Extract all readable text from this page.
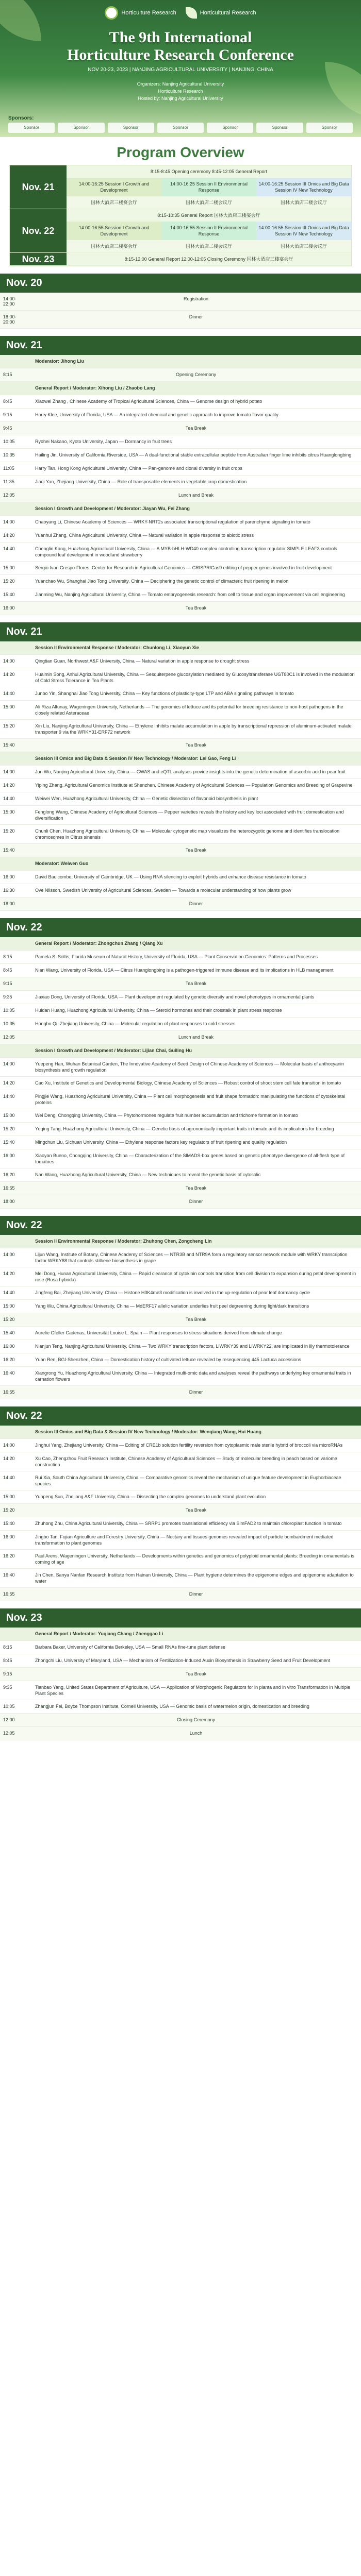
Horticulture Research	Horticultural Research
The 9th International
Horticulture Research Conference
NOV 20-23, 2023 | NANJING AGRICULTURAL UNIVERSITY | NANJING, CHINA
Organizers: Nanjing Agricultural University
Horticulture Research
Hosted by: Nanjing Agricultural University
Sponsors:
Sponsor	Sponsor	Sponsor	Sponsor	Sponsor	Sponsor	Sponsor
Program Overview
Nov. 21
8:15-8:45 Opening ceremony 8:45-12:05 General Report
14:00-16:25 Session I Growth and Development
14:00-16:25 Session II Environmental Response
14:00-16:25 Session III Omics and Big Data Session IV New Technology
国林大酒店三楼宴会厅	国林大酒店二楼会议厅	国林大酒店三楼会议厅
Nov. 22
8:15-10:35 General Report 国林大酒店三楼宴会厅
14:00-16:55 Session I Growth and Development
14:00-16:55 Session II Environmental Response
14:00-16:55 Session III Omics and Big Data Session IV New Technology
国林大酒店三楼宴会厅	国林大酒店二楼会议厅	国林大酒店三楼会议厅
Nov. 23	8:15-12:00 General Report 12:00-12:05 Closing Ceremony 国林大酒店三楼宴会厅
Nov. 20
14:00-22:00
Registration
18:00-20:00
Dinner
Nov. 21
Moderator: Jihong Liu
8:15	Opening Ceremony
General Report / Moderator: Xihong Liu / Zhaobo Lang
8:45	Xiaowei Zhang , Chinese Academy of Tropical Agricultural Sciences, China — Genome design of hybrid potato
9:15	Harry Klee, University of Florida, USA — An integrated chemical and genetic approach to improve tomato flavor quality
9:45	Tea Break
10:05	Ryohei Nakano, Kyoto University, Japan — Dormancy in fruit trees
10:35	Hailing Jin, University of California Riverside, USA — A dual-functional stable extracellular peptide from Australian finger lime inhibits citrus Huanglongbing
11:05	Harry Tan, Hong Kong Agricultural University, China — Pan-genome and clonal diversity in fruit crops
11:35	Jiaqi Yan, Zhejiang University, China — Role of transposable elements in vegetable crop domestication
12:05	Lunch and Break
Session I Growth and Development / Moderator: Jiayan Wu, Fei Zhang
14:00	Chaoyang Li, Chinese Academy of Sciences — WRKY-NRT2s associated transcriptional regulation of parenchyme signaling in tomato
14:20	Yuanhui Zhang, China Agricultural University, China — Natural variation in apple response to abiotic stress
14:40	Chenglin Kang, Huazhong Agricultural University, China — A MYB-bHLH-WD40 complex controlling transcription regulator SIMPLE LEAF3 controls compound leaf development in woodland strawberry
15:00	Sergio Ivan Crespo-Flores, Center for Research in Agricultural Genomics — CRISPR/Cas9 editing of pepper genes involved in fruit development
15:20	Yuanchao Wu, Shanghai Jiao Tong University, China — Deciphering the genetic control of climacteric fruit ripening in melon
15:40	Jianming Wu, Nanjing Agricultural University, China — Tomato embryogenesis research: from cell to tissue and organ improvement via cell engineering
16:00	Tea Break
Nov. 21
Session II Environmental Response / Moderator: Chunlong Li, Xiaoyun Xie
14:00	Qingtian Guan, Northwest A&F University, China — Natural variation in apple response to drought stress
14:20	Huaimin Song, Anhui Agricultural University, China — Sesquiterpene glucosylation mediated by Glucosyltransferase UGT80C1 is involved in the modulation of Cold Stress Tolerance in Tea Plants
14:40	Junbo Yin, Shanghai Jiao Tong University, China — Key functions of plasticity-type LTP and ABA signaling pathways in tomato
15:00	Ali Riza Altunay, Wageningen University, Netherlands — The genomics of lettuce and its potential for breeding resistance to non-host pathogens in the closely related Asteraceae
15:20	Xin Liu, Nanjing Agricultural University, China — Ethylene inhibits malate accumulation in apple by transcriptional repression of aluminum-activated malate transporter 9 via the WRKY31-ERF72 network
15:40	Tea Break
Session III Omics and Big Data & Session IV New Technology / Moderator: Lei Gao, Feng Li
14:00	Jun Wu, Nanjing Agricultural University, China — CWAS and eQTL analyses provide insights into the genetic determination of ascorbic acid in pear fruit
14:20	Yiping Zhang, Agricultural Genomics Institute at Shenzhen, Chinese Academy of Agricultural Sciences — Population Genomics and Breeding of Grapevine
14:40	Weiwei Wen, Huazhong Agricultural University, China — Genetic dissection of flavonoid biosynthesis in plant
15:00	Fenglong Wang, Chinese Academy of Agricultural Sciences — Pepper varieties reveals the history and key loci associated with fruit domestication and diversification
15:20	Chunli Chen, Huazhong Agricultural University, China — Molecular cytogenetic map visualizes the heterozygotic genome and identifies translocation chromosomes in Citrus sinensis
15:40	Tea Break
Moderator: Weiwen Guo
16:00	David Baulcombe, University of Cambridge, UK — Using RNA silencing to exploit hybrids and enhance disease resistance in tomato
16:30	Ove Nilsson, Swedish University of Agricultural Sciences, Sweden — Towards a molecular understanding of how plants grow
18:00	Dinner
Nov. 22
General Report / Moderator: Zhongchun Zhang / Qiang Xu
8:15	Pamela S. Soltis, Florida Museum of Natural History, University of Florida, USA — Plant Conservation Genomics: Patterns and Processes
8:45	Nian Wang, University of Florida, USA — Citrus Huanglongbing is a pathogen-triggered immune disease and its implications in HLB management
9:15	Tea Break
9:35	Jiaxiao Dong, University of Florida, USA — Plant development regulated by genetic diversity and novel phenotypes in ornamental plants
10:05	Huidan Huang, Huazhong Agricultural University, China — Steroid hormones and their crosstalk in plant stress response
10:35	Hongbo Qi, Zhejiang University, China — Molecular regulation of plant responses to cold stresses
12:05	Lunch and Break
Session I Growth and Development / Moderator: Lijian Chai, Guiling Hu
14:00	Yuepeng Han, Wuhan Botanical Garden, The Innovative Academy of Seed Design of Chinese Academy of Sciences — Molecular basis of anthocyanin biosynthesis and growth regulation
14:20	Cao Xu, Institute of Genetics and Developmental Biology, Chinese Academy of Sciences — Robust control of shoot stem cell fate transition in tomato
14:40	Pingjie Wang, Huazhong Agricultural University, China — Plant cell morphogenesis and fruit shape formation: manipulating the functions of cytoskeletal proteins
15:00	Wei Deng, Chongqing University, China — Phytohormones regulate fruit number accumulation and trichome formation in tomato
15:20	Yuqing Tang, Huazhong Agricultural University, China — Genetic basis of agronomically important traits in tomato and its implications for breeding
15:40	Mingchun Liu, Sichuan University, China — Ethylene response factors key regulators of fruit ripening and quality regulation
16:00	Xiaoyan Bueno, Chongqing University, China — Characterization of the SlMADS-box genes based on genetic phenotype divergence of all-flesh type of tomatoes
16:20	Nan Wang, Huazhong Agricultural University, China — New techniques to reveal the genetic basis of cytosolic
16:55	Tea Break
18:00	Dinner
Nov. 22
Session II Environmental Response / Moderator: Zhuhong Chen, Zongcheng Lin
14:00	Lijun Wang, Institute of Botany, Chinese Academy of Sciences — NTR3B and NTR9A form a regulatory sensor network module with WRKY transcription factor WRKY88 that controls stilbene biosynthesis in grape
14:20	Mei Dong, Hunan Agricultural University, China — Rapid clearance of cytokinin controls transition from cell division to expansion during petal development in rose (Rosa hybrida)
14:40	Jingfeng Bai, Zhejiang University, China — Histone H3K4me3 modification is involved in the up-regulation of pear leaf dormancy cycle
15:00	Yang Wu, China Agricultural University, China — MdERF17 allelic variation underlies fruit peel degreening during light/dark transitions
15:20	Tea Break
15:40	Aurelie Gfeller Cadenas, Universität Louise L. Spain — Plant responses to stress situations derived from climate change
16:00	Nianjun Teng, Nanjing Agricultural University, China — Two WRKY transcription factors, LlWRKY39 and LlWRKY22, are implicated in lily thermotolerance
16:20	Yuan Ren, BGI-Shenzhen, China — Domestication history of cultivated lettuce revealed by resequencing 445 Lactuca accessions
16:40	Xiangrong Yu, Huazhong Agricultural University, China — Integrated multi-omic data and analyses reveal the pathways underlying key ornamental traits in carnation flowers
16:55	Dinner
Nov. 22
Session III Omics and Big Data & Session IV New Technology / Moderator: Wenqiang Wang, Hui Huang
14:00	Jinghui Yang, Zhejiang University, China — Editing of CRE1b solution fertility reversion from cytoplasmic male sterile hybrid of broccoli via microRNAs
14:20	Xu Cao, Zhengzhou Fruit Research Institute, Chinese Academy of Agricultural Sciences — Study of molecular breeding in peach based on variome construction
14:40	Rui Xia, South China Agricultural University, China — Comparative genomics reveal the mechanism of unique feature development in Euphorbiaceae species
15:00	Yunpeng Sun, Zhejiang A&F University, China — Dissecting the complex genomes to understand plant evolution
15:20	Tea Break
15:40	Zhuhong Zhu, China Agricultural University, China — SRRP1 promotes translational efficiency via SlmFAD2 to maintain chloroplast function in tomato
16:00	Jingbo Tan, Fujian Agriculture and Forestry University, China — Nectary and tissues genomes revealed impact of particle bombardment mediated transformation to plant genomes
16:20	Paul Arens, Wageningen University, Netherlands — Developments within genetics and genomics of polyploid ornamental plants: Breeding in ornamentals is coming of age
16:40	Jin Chen, Sanya Nanfan Research Institute from Hainan University, China — Plant hygiene determines the epigenome edges and epigenome adaptation to water
16:55	Dinner
Nov. 23
General Report / Moderator: Yuqiang Chang / Zhenggao Li
8:15	Barbara Baker, University of California Berkeley, USA — Small RNAs fine-tune plant defense
8:45	Zhongchi Liu, University of Maryland, USA — Mechanism of Fertilization-Induced Auxin Biosynthesis in Strawberry Seed and Fruit Development
9:15	Tea Break
9:35	Tianbao Yang, United States Department of Agriculture, USA — Application of Morphogenic Regulators for in planta and in vitro Transformation in Multiple Plant Species
10:05	Zhangjun Fei, Boyce Thompson Institute, Cornell University, USA — Genomic basis of watermelon origin, domestication and breeding
12:00	Closing Ceremony
12:05	Lunch
